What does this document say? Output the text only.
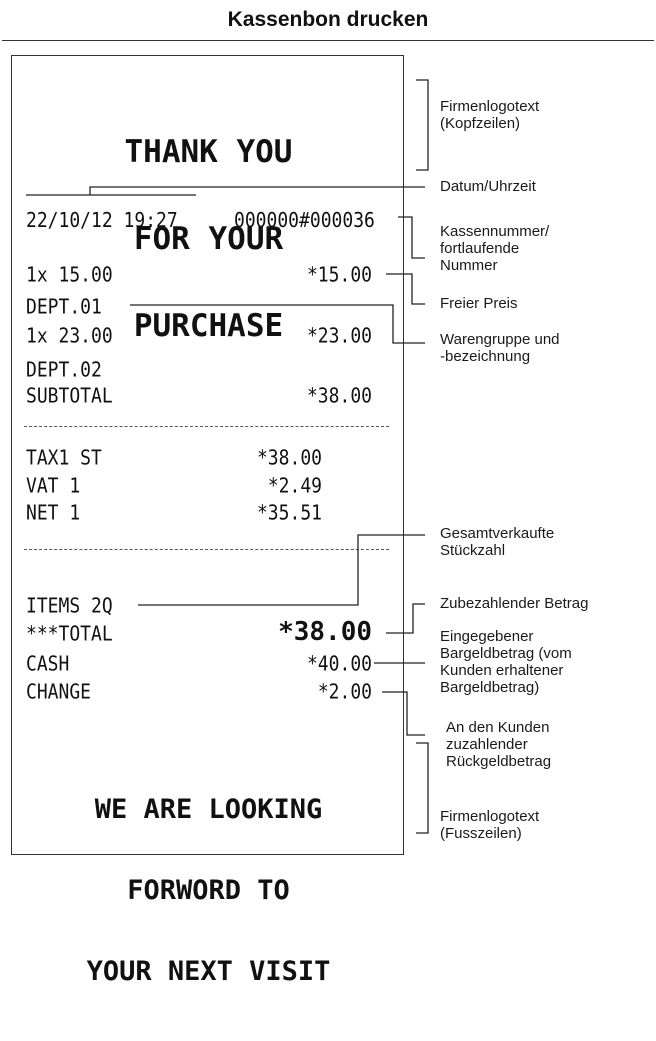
Kassenbon drucken

THANK YOU

FOR YOUR

PURCHASE

22/10/12 19:27	000000#000036
1x 15.00	*15.00
DEPT.01
1x 23.00	*23.00
DEPT.02
SUBTOTAL	*38.00
TAX1 ST	*38.00
VAT 1	*2.49
NET 1	*35.51
ITEMS 2Q
***TOTAL	*38.00
CASH	*40.00
CHANGE	*2.00

WE ARE LOOKING

FORWORD TO

YOUR NEXT VISIT

Firmenlogotext
(Kopfzeilen)
Datum/Uhrzeit
Kassennummer/
fortlaufende
Nummer
Freier Preis
Warengruppe und
-bezeichnung
Gesamtverkaufte
Stückzahl
Zubezahlender Betrag
Eingegebener
Bargeldbetrag (vom
Kunden erhaltener
Bargeldbetrag)
An den Kunden
zuzahlender
Rückgeldbetrag
Firmenlogotext
(Fusszeilen)
